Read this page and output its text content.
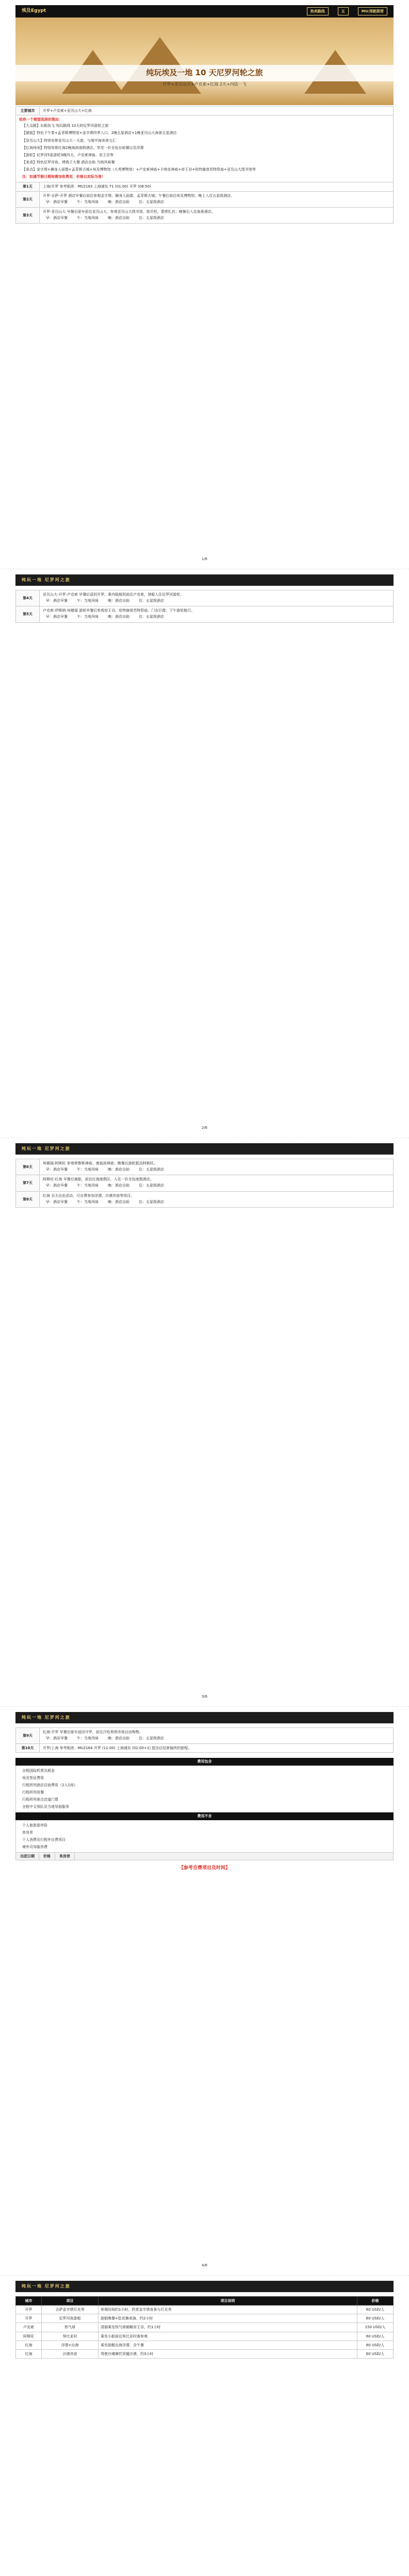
埃及Egypt	热卖路线	五	MU/深航联营
纯玩埃及一地 10 天尼罗河轮之旅
开罗+亚历山大+卢克索+红海 2天+内陆一飞
主要城市	开罗+卢克索+亚历山大+红海
给你一个期望选择的理由：
【大众路】东航执飞 纯玩路线 10天的尼罗河游轮之旅
【超值】特色下午茶+孟菲斯博物馆+金字塔四季入口，2晚五星酒店+1晚亚历山大海景五星酒店
【亚历山大】特别安排亚历山大一天游，与地中海美景交汇
【红海休闲】特别安排红海2晚海滨度假酒店，享受一价全包自助餐以及浮潜
【游轮】尼罗河5星游轮3晚四天，卢克索神庙、帝王谷等
【美食】特色尼罗河鱼，烤鸽子大餐 酒店自助 当地风味餐
【景点】金字塔+狮身人面像+孟菲斯古城+埃及博物馆（大英博物馆）+卢克索神庙+卡纳克神庙+帝王谷+哈特谢普苏特祭庙+亚历山大图书馆等
注：如遇节假日期间需加收费用，价格以实际为准！
第1天	上海/开罗 参考航班：MU2183 上海浦东 T1 (01:00) 开罗 (08:50)
第2天
开罗-吉萨-开罗 酒店早餐后前往参观金字塔、狮身人面像、孟菲斯古城；午餐后前往埃及博物馆。晚上入住五星级酒店。
早：酒店早餐	午：当地风味	晚：酒店自助	住：五星级酒店
第3天
开罗-亚历山大 早餐后驱车前往亚历山大，参观亚历山大图书馆、庞贝柱、蒙塔扎宫；晚餐后入住海景酒店。
早：酒店早餐	午：当地风味	晚：酒店自助	住：五星级酒店
1/6
纯玩一地 尼罗河之旅
第4天
亚历山大-开罗-卢克索 早餐后返回开罗，乘内陆航班前往卢克索，登船入住尼罗河游轮。
早：酒店早餐	午：当地风味	晚：酒店自助	住：五星级酒店
第5天
卢克索-伊斯纳-埃德福 游轮早餐后参观帝王谷、哈特谢普苏特祭庙、门农巨像；下午游轮航行。
早：酒店早餐	午：当地风味	晚：酒店自助	住：五星级酒店
2/6
纯玩一地 尼罗河之旅
第6天
埃德福-阿斯旺 参观荷鲁斯神庙、康翁波神庙；晚餐后游轮抵达阿斯旺。
早：酒店早餐	午：当地风味	晚：酒店自助	住：五星级酒店
第7天
阿斯旺-红海 早餐后离船，前往红海度假区，入住一价全包度假酒店。
早：酒店早餐	午：当地风味	晚：酒店自助	住：五星级酒店
第8天
红海 全天自由活动，可自费参加浮潜、沙漠冲浪等项目。
早：酒店早餐	午：当地风味	晚：酒店自助	住：五星级酒店
3/6
纯玩一地 尼罗河之旅
第9天
红海-开罗 早餐后驱车返回开罗，前往汗哈利利市场自由购物。
早：酒店早餐	午：当地风味	晚：酒店自助	住：五星级酒店
第10天	开罗/上海 参考航班：MU2184 开罗 (11:00) 上海浦东 (02:00+1) 抵达后结束愉快的旅程。
费用包含
全程国际机票及税金
埃及签证费用
行程所列酒店住宿费用（2人1间）
行程所列用餐
行程所列景点首道门票
全程中文领队及当地导游服务
费用不含
个人旅游意外险
单房差
个人消费及行程外自费项目
境外司导服务费
出团日期	价格	单房差
【参考自费项目及时间】
4/6
纯玩一地 尼罗河之旅
城市	项目	项目说明	价格
开罗	吉萨金字塔灯光秀	参观时间约1小时，欣赏金字塔夜景与灯光秀	60 USD/人
开罗	尼罗河夜游船	游船晚餐+肚皮舞表演，约2小时	60 USD/人
卢克索	热气球	清晨乘坐热气球俯瞰帝王谷，约1小时	150 USD/人
阿斯旺	努比亚村	乘坐小船前往努比亚村落参观	60 USD/人
红海	浮潜+出海	乘坐游艇出海浮潜，含午餐	80 USD/人
红海	沙漠冲浪	驾驶沙滩摩托穿越沙漠，约3小时	60 USD/人
